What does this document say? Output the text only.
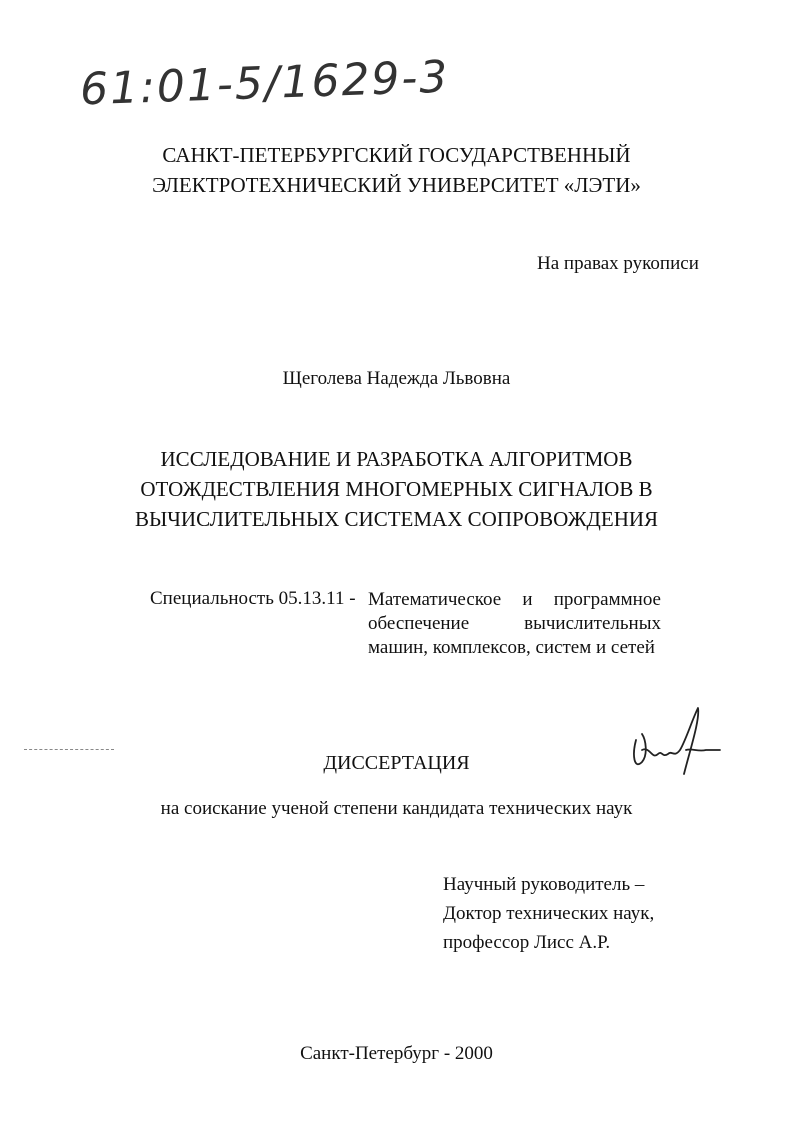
61:01-5/1629-3
САНКТ-ПЕТЕРБУРГСКИЙ ГОСУДАРСТВЕННЫЙ
ЭЛЕКТРОТЕХНИЧЕСКИЙ УНИВЕРСИТЕТ «ЛЭТИ»
На правах рукописи
Щеголева Надежда Львовна
ИССЛЕДОВАНИЕ И РАЗРАБОТКА АЛГОРИТМОВ
ОТОЖДЕСТВЛЕНИЯ МНОГОМЕРНЫХ СИГНАЛОВ В
ВЫЧИСЛИТЕЛЬНЫХ СИСТЕМАХ СОПРОВОЖДЕНИЯ
Специальность 05.13.11 - Математическое и программное
обеспечение вычислительных
машин, комплексов, систем и сетей
ДИССЕРТАЦИЯ
на соискание ученой степени кандидата технических наук
Научный руководитель –
Доктор технических наук,
профессор Лисс А.Р.
Санкт-Петербург - 2000
